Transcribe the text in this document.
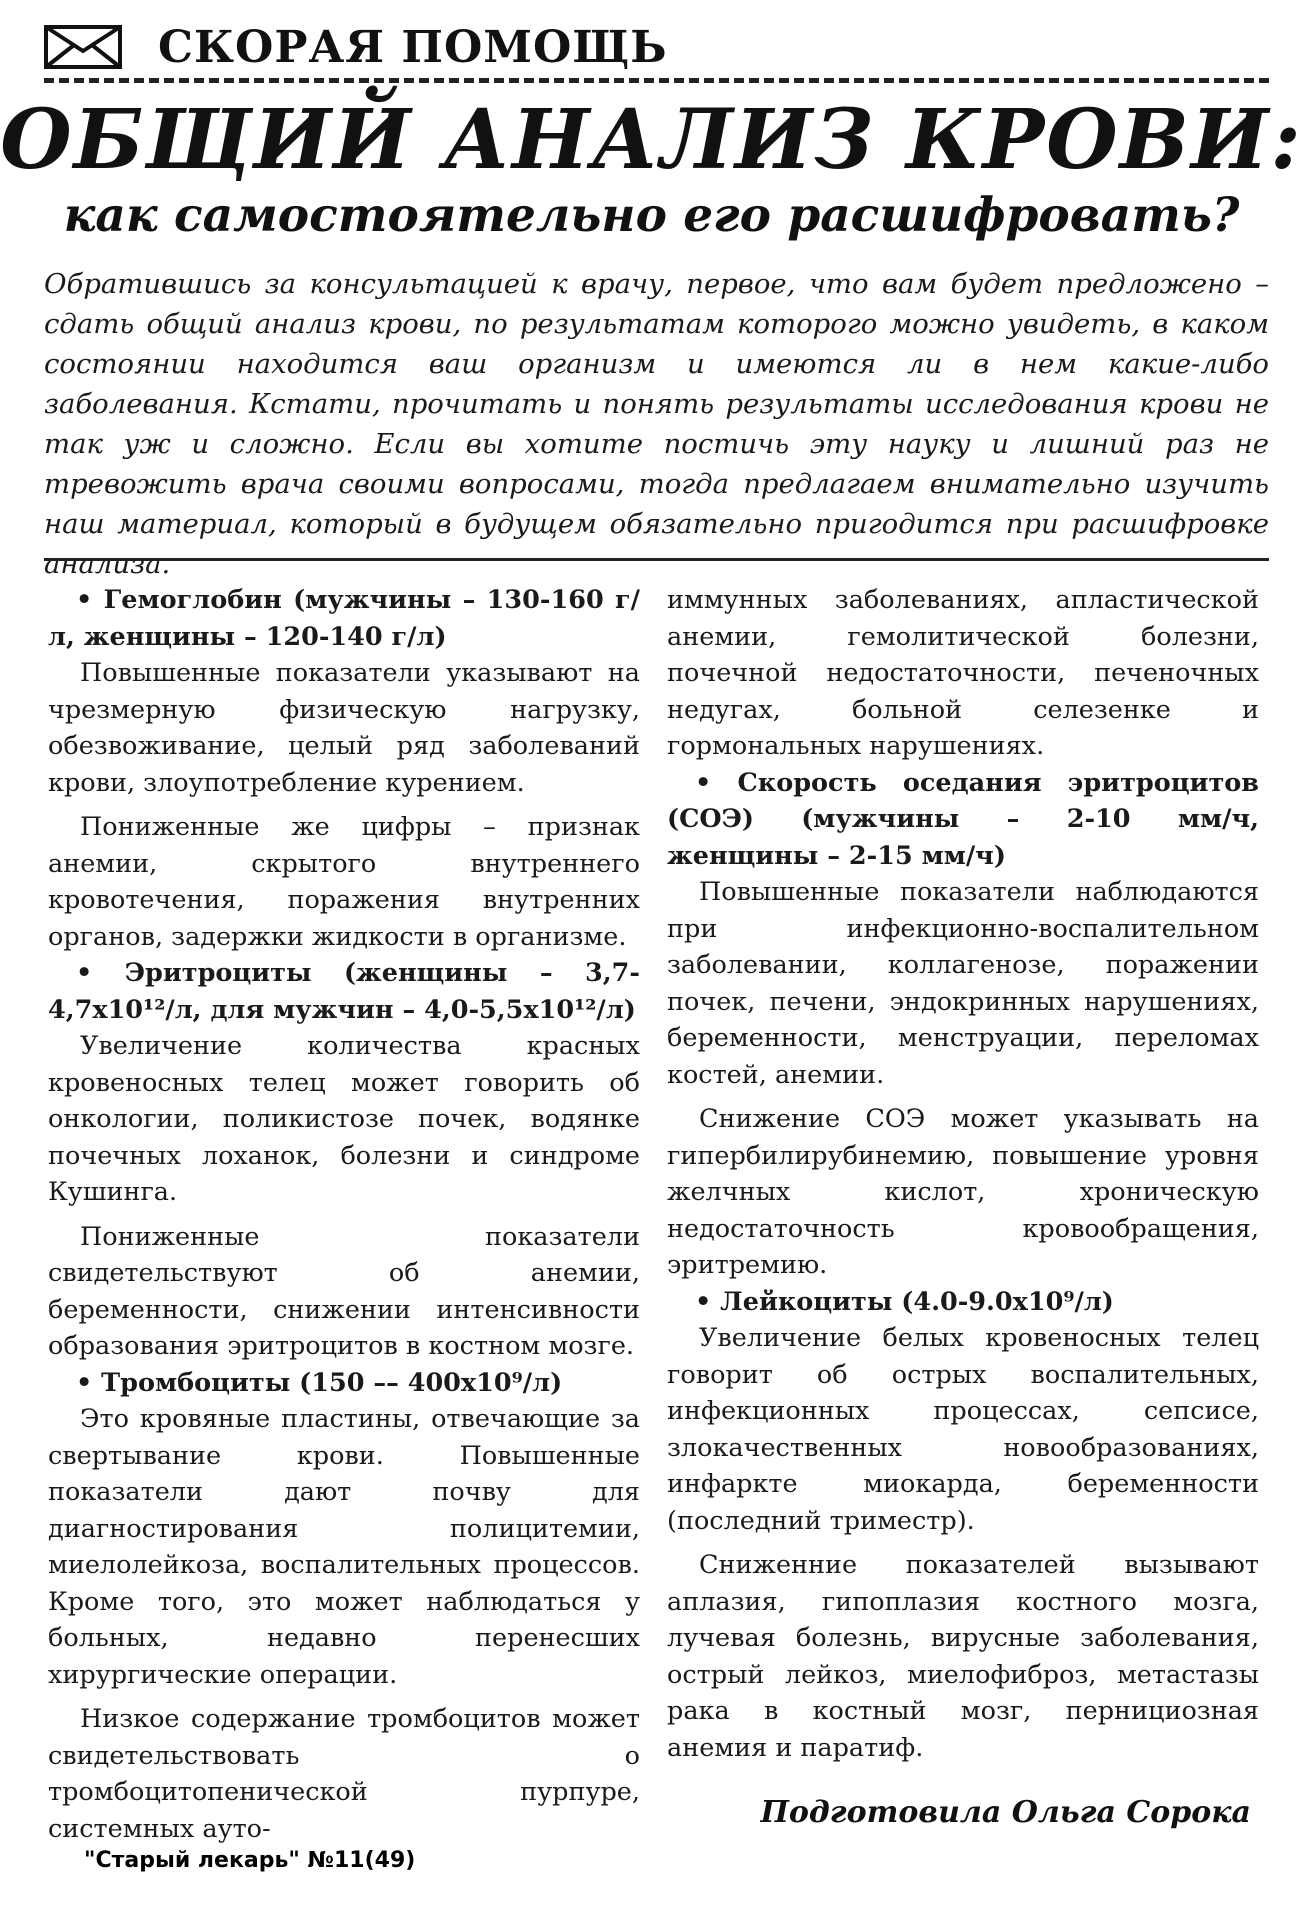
СКОРАЯ ПОМОЩЬ
ОБЩИЙ АНАЛИЗ КРОВИ:
как самостоятельно его расшифровать?
Обратившись за консультацией к врачу, первое, что вам будет предложено – сдать общий анализ крови, по результатам которого можно увидеть, в каком состоянии находится ваш организм и имеются ли в нем какие-либо заболевания. Кстати, прочитать и понять результаты исследования крови не так уж и сложно. Если вы хотите постичь эту науку и лишний раз не тревожить врача своими вопросами, тогда предлагаем внимательно изучить наш материал, который в будущем обязательно пригодится при расшифровке анализа.

• Гемоглобин (мужчины – 130-160 г/л, женщины – 120-140 г/л)

Повышенные показатели указывают на чрезмерную физическую нагрузку, обезвоживание, целый ряд заболеваний крови, злоупотребление курением.

Пониженные же цифры – признак анемии, скрытого внутреннего кровотечения, поражения внутренних органов, задержки жидкости в организме.

• Эритроциты (женщины – 3,7-4,7х10¹²/л, для мужчин – 4,0-5,5х10¹²/л)

Увеличение количества красных кровеносных телец может говорить об онкологии, поликистозе почек, водянке почечных лоханок, болезни и синдроме Кушинга.

Пониженные показатели свидетельствуют об анемии, беременности, снижении интенсивности образования эритроцитов в костном мозге.

• Тромбоциты (150 –– 400х10⁹/л)

Это кровяные пластины, отвечающие за свертывание крови. Повышенные показатели дают почву для диагностирования полицитемии, миелолейкоза, воспалительных процессов. Кроме того, это может наблюдаться у больных, недавно перенесших хирургические операции.

Низкое содержание тромбоцитов может свидетельствовать о тромбоцитопенической пурпуре, системных ауто-

иммунных заболеваниях, апластической анемии, гемолитической болезни, почечной недостаточности, печеночных недугах, больной селезенке и гормональных нарушениях.

• Скорость оседания эритроцитов (СОЭ) (мужчины – 2-10 мм/ч, женщины – 2-15 мм/ч)

Повышенные показатели наблюдаются при инфекционно-воспалительном заболевании, коллагенозе, поражении почек, печени, эндокринных нарушениях, беременности, менструации, переломах костей, анемии.

Снижение СОЭ может указывать на гипербилирубинемию, повышение уровня желчных кислот, хроническую недостаточность кровообращения, эритремию.

• Лейкоциты (4.0-9.0х10⁹/л)

Увеличение белых кровеносных телец говорит об острых воспалительных, инфекционных процессах, сепсисе, злокачественных новообразованиях, инфаркте миокарда, беременности (последний триместр).

Сниженние показателей вызывают аплазия, гипоплазия костного мозга, лучевая болезнь, вирусные заболевания, острый лейкоз, миелофиброз, метастазы рака в костный мозг, пернициозная анемия и паратиф.

Подготовила Ольга Сорока
"Старый лекарь" №11(49)
